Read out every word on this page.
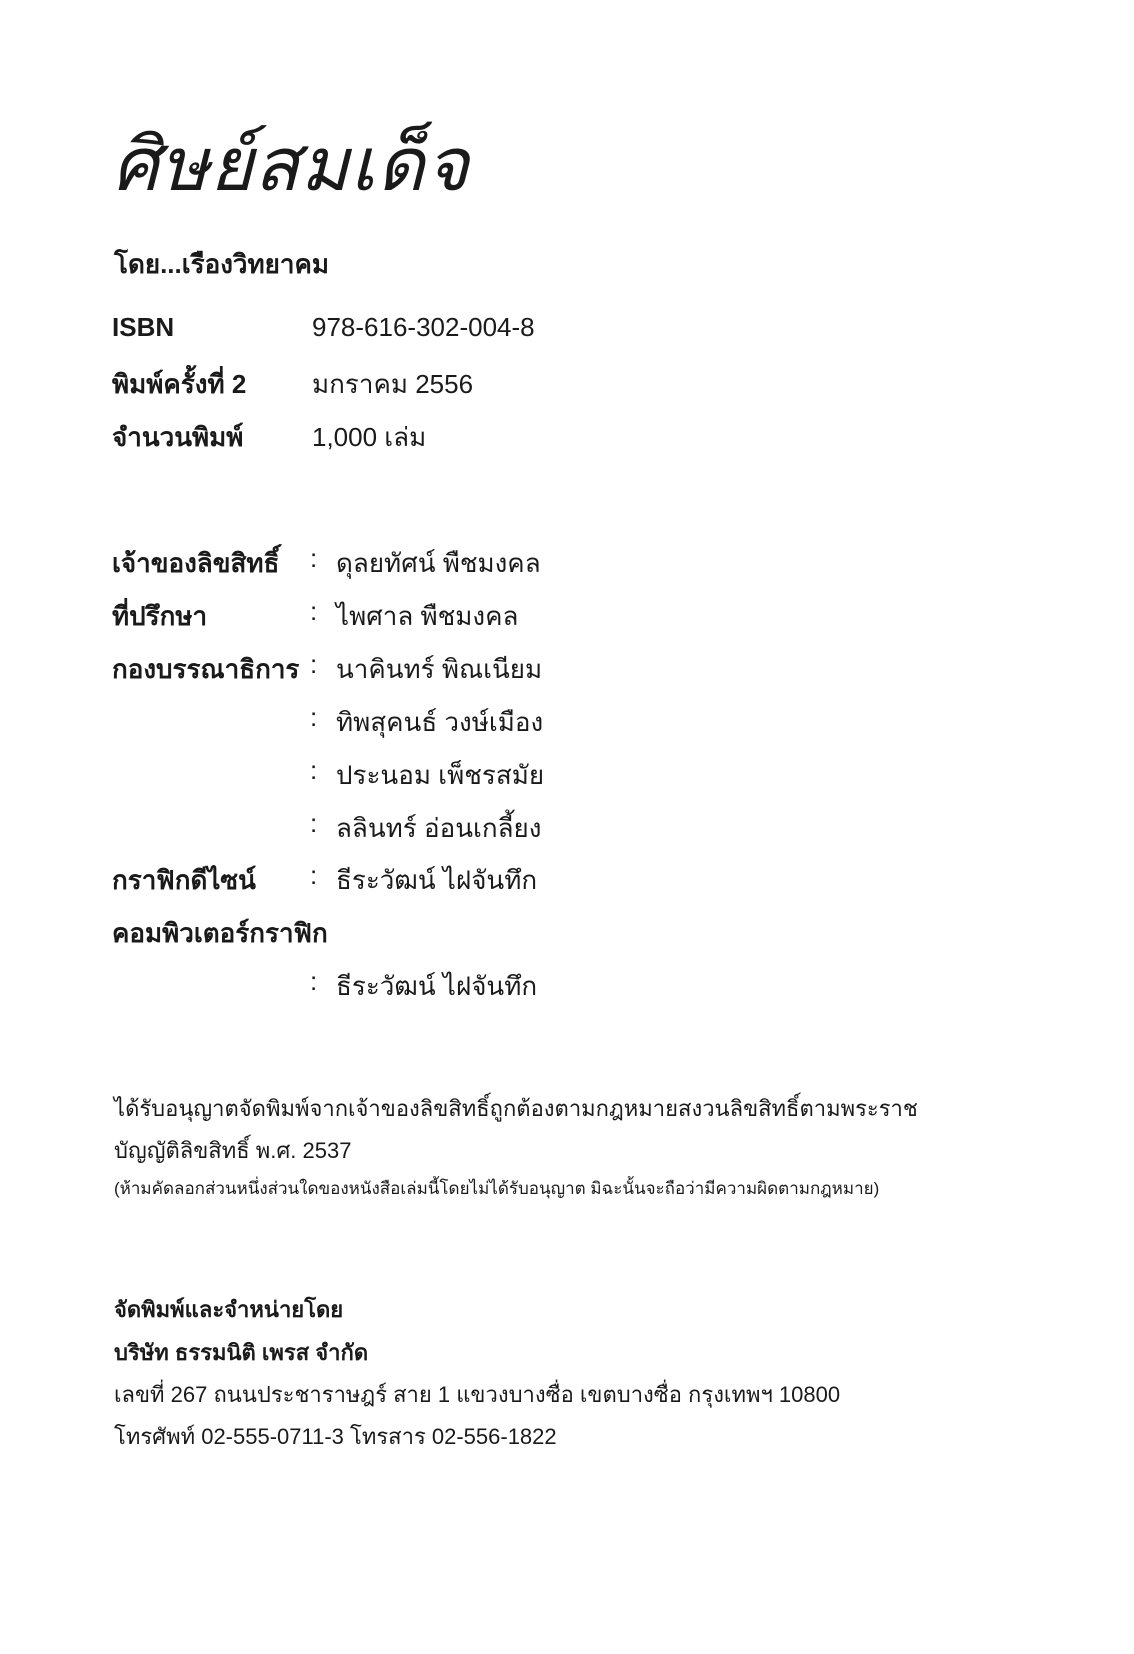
ศิษย์สมเด็จ
โดย...เรืองวิทยาคม
ISBN	978-616-302-004-8
พิมพ์ครั้งที่ 2	มกราคม 2556
จำนวนพิมพ์	1,000 เล่ม
เจ้าของลิขสิทธิ์ : ดุลยทัศน์ พืชมงคล
ที่ปรึกษา	: ไพศาล พืชมงคล
กองบรรณาธิการ : นาคินทร์ พิณเนียม
: ทิพสุคนธ์ วงษ์เมือง
: ประนอม เพ็ชรสมัย
: ลลินทร์ อ่อนเกลี้ยง
กราฟิกดีไซน์ : ธีระวัฒน์ ไฝจันทึก
คอมพิวเตอร์กราฟิก
: ธีระวัฒน์ ไฝจันทึก
ได้รับอนุญาตจัดพิมพ์จากเจ้าของลิขสิทธิ์ถูกต้องตามกฎหมายสงวนลิขสิทธิ์ตามพระราช
บัญญัติลิขสิทธิ์ พ.ศ. 2537
(ห้ามคัดลอกส่วนหนึ่งส่วนใดของหนังสือเล่มนี้โดยไม่ได้รับอนุญาต มิฉะนั้นจะถือว่ามีความผิดตามกฎหมาย)
จัดพิมพ์และจำหน่ายโดย
บริษัท ธรรมนิติ เพรส จำกัด
เลขที่ 267 ถนนประชาราษฎร์ สาย 1 แขวงบางซื่อ เขตบางซื่อ กรุงเทพฯ 10800
โทรศัพท์ 02-555-0711-3 โทรสาร 02-556-1822
